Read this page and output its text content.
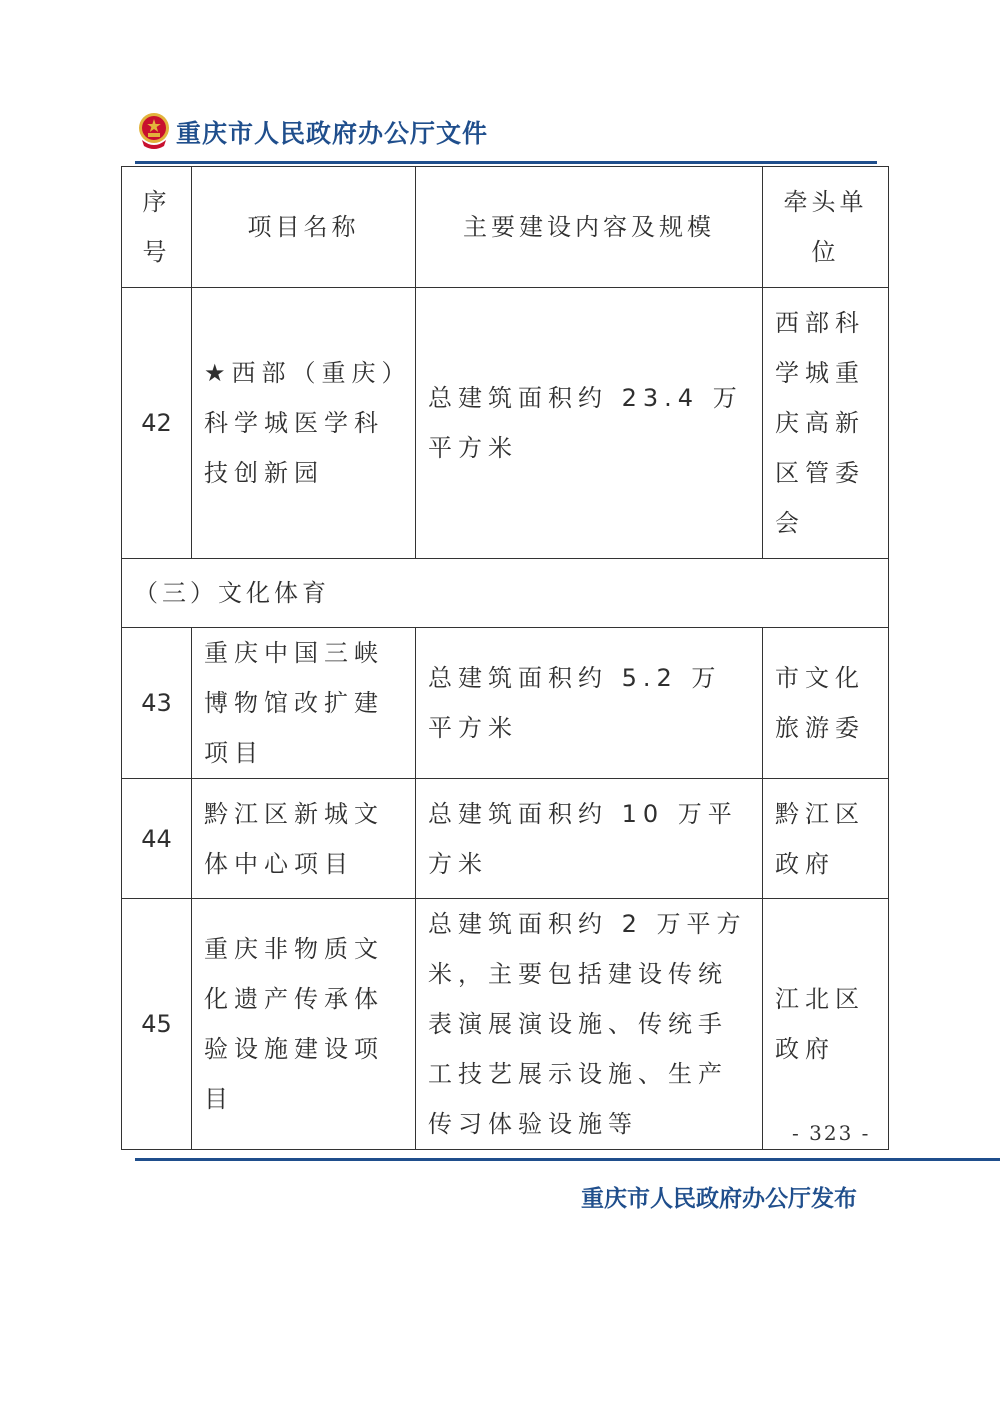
重庆市人民政府办公厅文件
序号	项目名称	主要建设内容及规模	牵头单位
42	★西部（重庆）科学城医学科技创新园	总建筑面积约 23.4 万平方米	西部科学城重庆高新区管委会
（三）文化体育			
43	重庆中国三峡博物馆改扩建项目	总建筑面积约 5.2 万平方米	市文化旅游委
44	黔江区新城文体中心项目	总建筑面积约 10 万平方米	黔江区政府
45	重庆非物质文化遗产传承体验设施建设项目	总建筑面积约 2 万平方米，主要包括建设传统表演展演设施、传统手工技艺展示设施、生产传习体验设施等	江北区政府
- 323 -
重庆市人民政府办公厅发布
